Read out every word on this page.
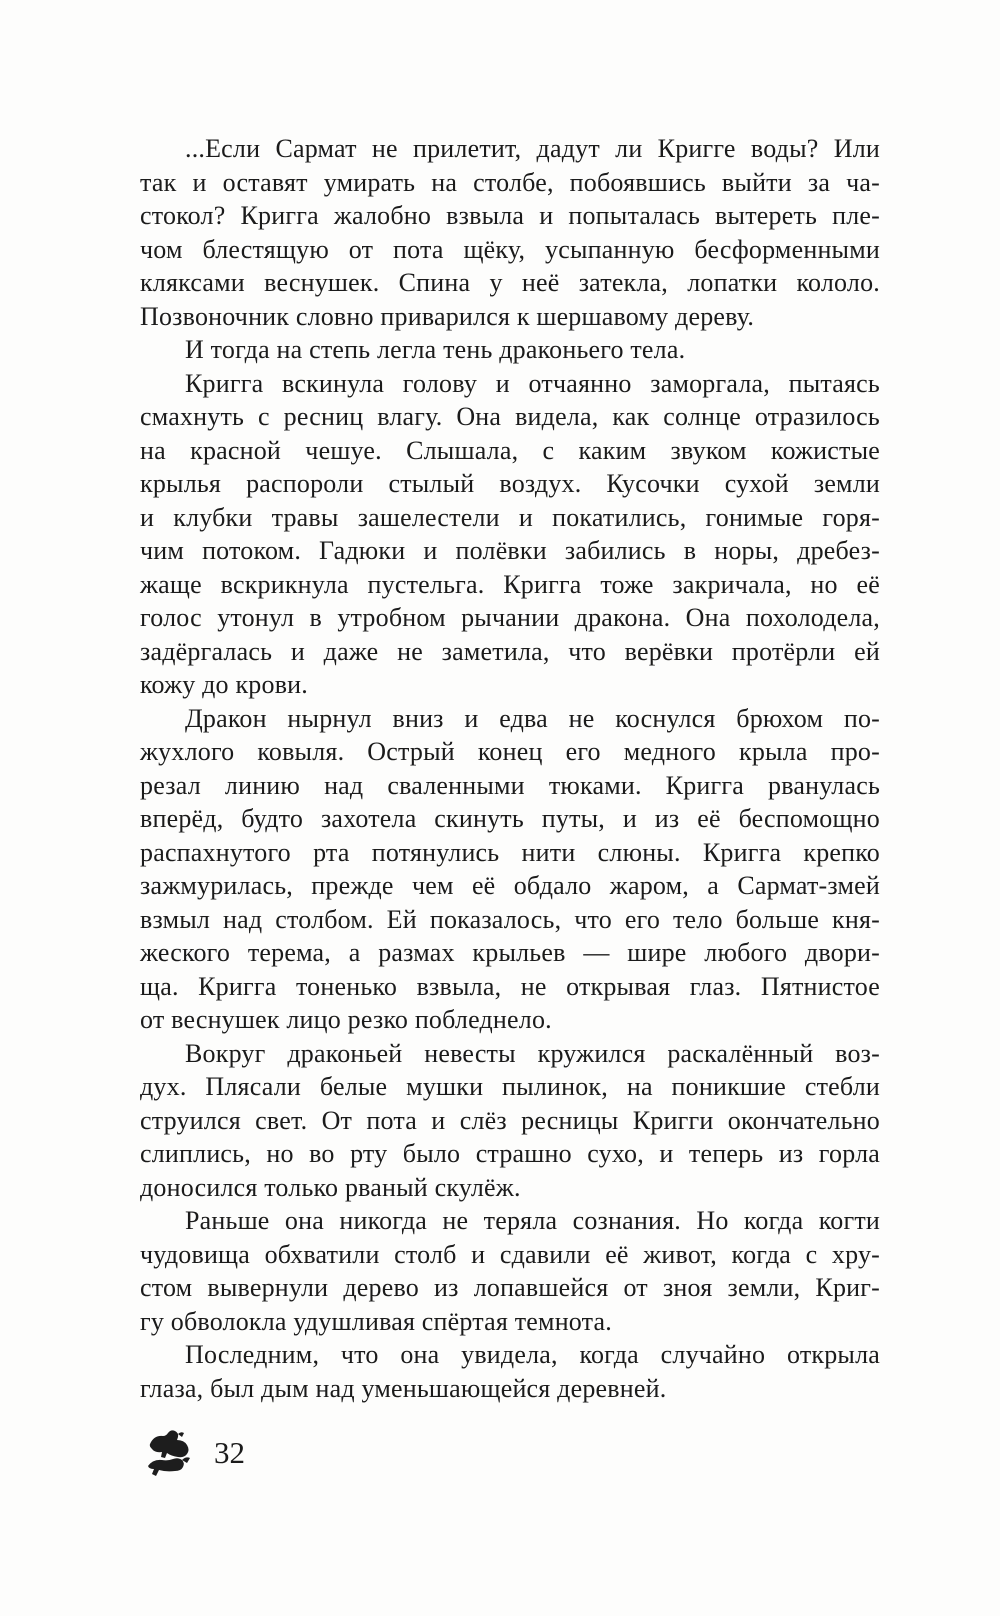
...Если Сармат не прилетит, дадут ли Кригге воды? Или
так и оставят умирать на столбе, побоявшись выйти за ча-
стокол? Кригга жалобно взвыла и попыталась вытереть пле-
чом блестящую от пота щёку, усыпанную бесформенными
кляксами веснушек. Спина у неё затекла, лопатки кололо.
Позвоночник словно приварился к шершавому дереву.
И тогда на степь легла тень драконьего тела.
Кригга вскинула голову и отчаянно заморгала, пытаясь
смахнуть с ресниц влагу. Она видела, как солнце отразилось
на красной чешуе. Слышала, с каким звуком кожистые
крылья распороли стылый воздух. Кусочки сухой земли
и клубки травы зашелестели и покатились, гонимые горя-
чим потоком. Гадюки и полёвки забились в норы, дребез-
жаще вскрикнула пустельга. Кригга тоже закричала, но её
голос утонул в утробном рычании дракона. Она похолодела,
задёргалась и даже не заметила, что верёвки протёрли ей
кожу до крови.
Дракон нырнул вниз и едва не коснулся брюхом по-
жухлого ковыля. Острый конец его медного крыла про-
резал линию над сваленными тюками. Кригга рванулась
вперёд, будто захотела скинуть путы, и из её беспомощно
распахнутого рта потянулись нити слюны. Кригга крепко
зажмурилась, прежде чем её обдало жаром, а Сармат-змей
взмыл над столбом. Ей показалось, что его тело больше кня-
жеского терема, а размах крыльев — шире любого двори-
ща. Кригга тоненько взвыла, не открывая глаз. Пятнистое
от веснушек лицо резко побледнело.
Вокруг драконьей невесты кружился раскалённый воз-
дух. Плясали белые мушки пылинок, на поникшие стебли
струился свет. От пота и слёз ресницы Кригги окончательно
слиплись, но во рту было страшно сухо, и теперь из горла
доносился только рваный скулёж.
Раньше она никогда не теряла сознания. Но когда когти
чудовища обхватили столб и сдавили её живот, когда с хру-
стом вывернули дерево из лопавшейся от зноя земли, Криг-
гу обволокла удушливая спёртая темнота.
Последним, что она увидела, когда случайно открыла
глаза, был дым над уменьшающейся деревней.
32
